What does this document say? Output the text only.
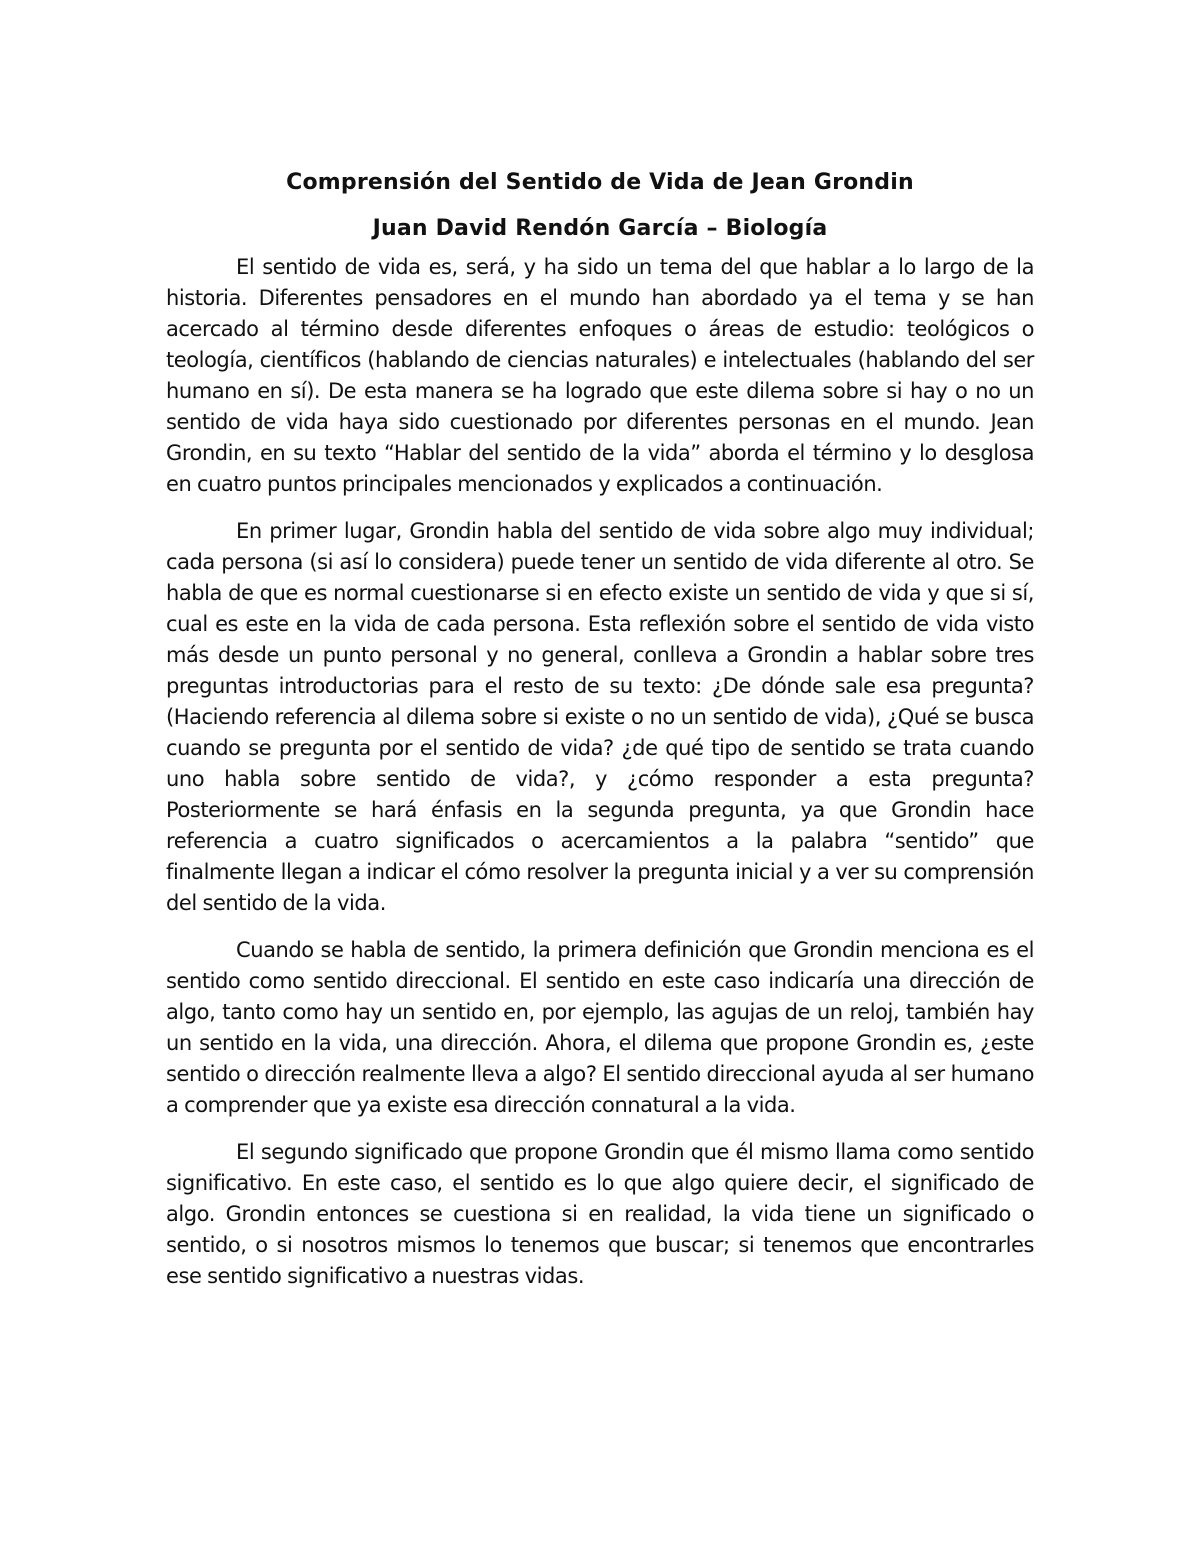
Comprensión del Sentido de Vida de Jean Grondin
Juan David Rendón García – Biología

El sentido de vida es, será, y ha sido un tema del que hablar a lo largo de la historia. Diferentes pensadores en el mundo han abordado ya el tema y se han acercado al término desde diferentes enfoques o áreas de estudio: teológicos o teología, científicos (hablando de ciencias naturales) e intelectuales (hablando del ser humano en sí). De esta manera se ha logrado que este dilema sobre si hay o no un sentido de vida haya sido cuestionado por diferentes personas en el mundo. Jean Grondin, en su texto “Hablar del sentido de la vida” aborda el término y lo desglosa en cuatro puntos principales mencionados y explicados a continuación.

En primer lugar, Grondin habla del sentido de vida sobre algo muy individual; cada persona (si así lo considera) puede tener un sentido de vida diferente al otro. Se habla de que es normal cuestionarse si en efecto existe un sentido de vida y que si sí, cual es este en la vida de cada persona. Esta reflexión sobre el sentido de vida visto más desde un punto personal y no general, conlleva a Grondin a hablar sobre tres preguntas introductorias para el resto de su texto: ¿De dónde sale esa pregunta? (Haciendo referencia al dilema sobre si existe o no un sentido de vida), ¿Qué se busca cuando se pregunta por el sentido de vida? ¿de qué tipo de sentido se trata cuando uno habla sobre sentido de vida?, y ¿cómo responder a esta pregunta? Posteriormente se hará énfasis en la segunda pregunta, ya que Grondin hace referencia a cuatro significados o acercamientos a la palabra “sentido” que finalmente llegan a indicar el cómo resolver la pregunta inicial y a ver su comprensión del sentido de la vida.

Cuando se habla de sentido, la primera definición que Grondin menciona es el sentido como sentido direccional. El sentido en este caso indicaría una dirección de algo, tanto como hay un sentido en, por ejemplo, las agujas de un reloj, también hay un sentido en la vida, una dirección. Ahora, el dilema que propone Grondin es, ¿este sentido o dirección realmente lleva a algo? El sentido direccional ayuda al ser humano a comprender que ya existe esa dirección connatural a la vida.

El segundo significado que propone Grondin que él mismo llama como sentido significativo. En este caso, el sentido es lo que algo quiere decir, el significado de algo. Grondin entonces se cuestiona si en realidad, la vida tiene un significado o sentido, o si nosotros mismos lo tenemos que buscar; si tenemos que encontrarles ese sentido significativo a nuestras vidas.
